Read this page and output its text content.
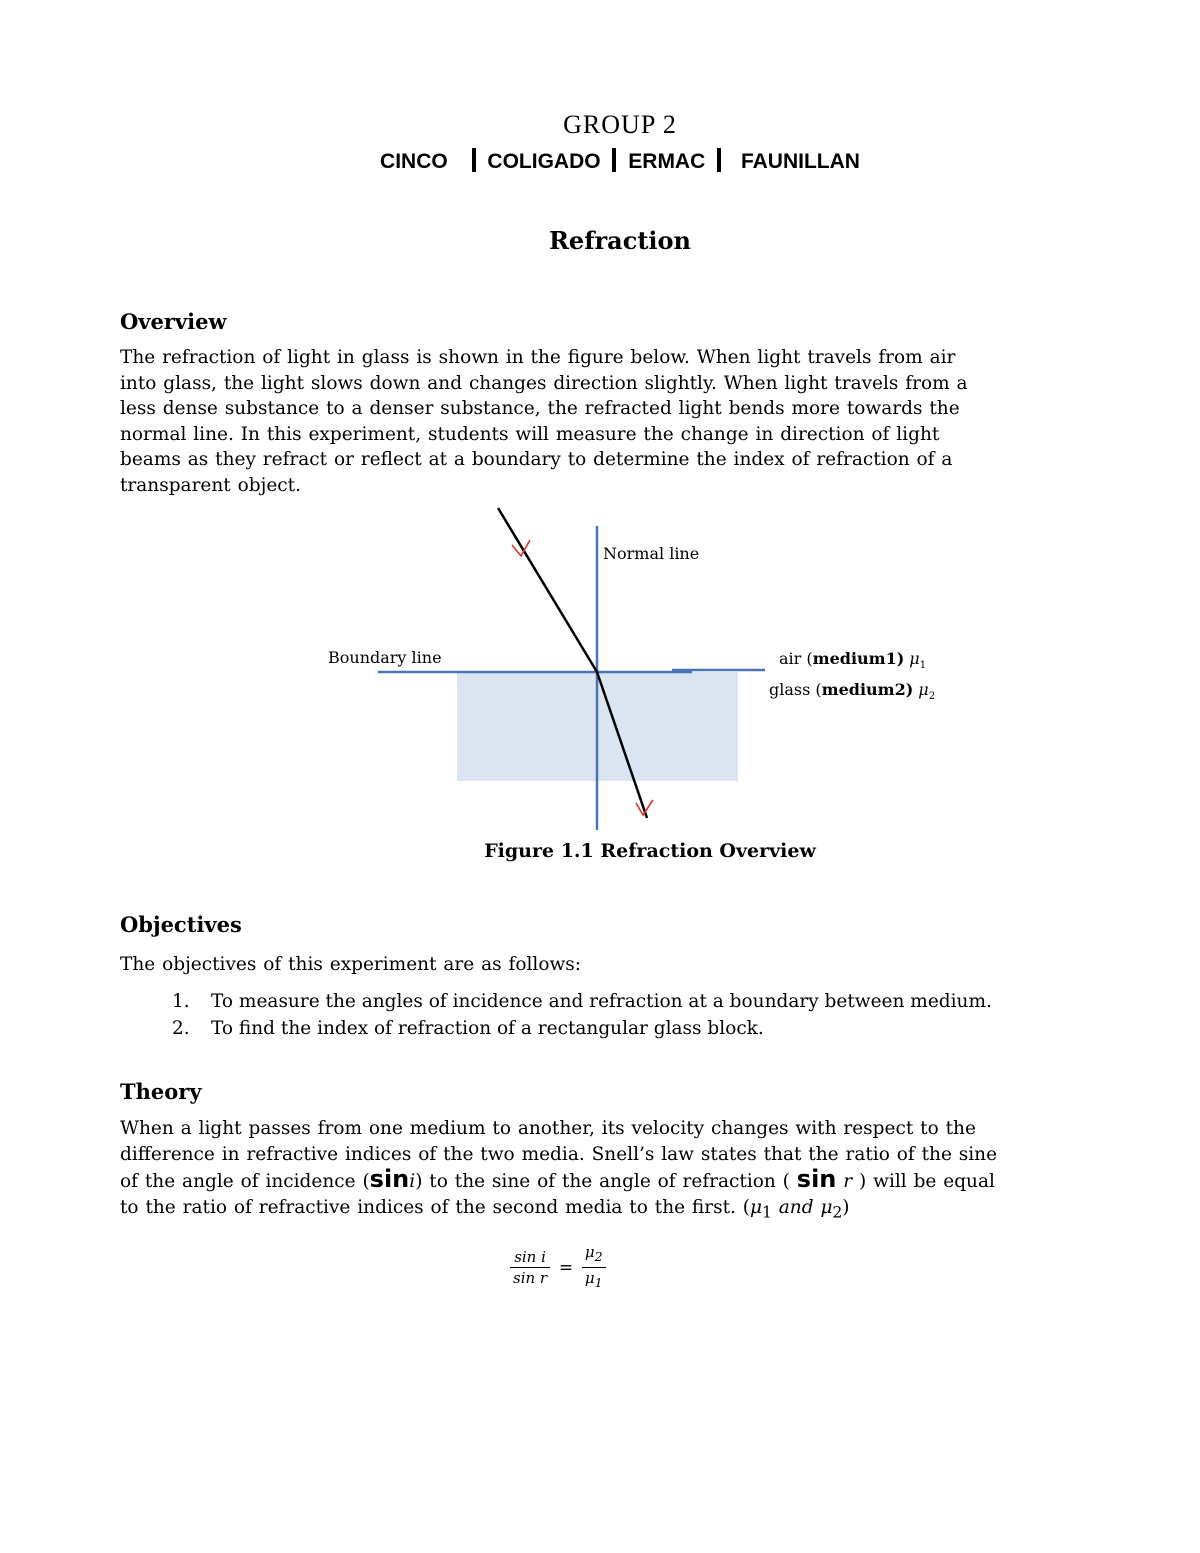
GROUP 2
CINCO COLIGADO ERMAC FAUNILLAN
Refraction
Overview
The refraction of light in glass is shown in the figure below. When light travels from air
into glass, the light slows down and changes direction slightly. When light travels from a
less dense substance to a denser substance, the refracted light bends more towards the
normal line. In this experiment, students will measure the change in direction of light
beams as they refract or reflect at a boundary to determine the index of refraction of a
transparent object.
Normal line
Boundary line	air (medium1) $\mu_1$
glass (medium2) $\mu_2$
Figure 1.1 Refraction Overview
Objectives
The objectives of this experiment are as follows:
1.	To measure the angles of incidence and refraction at a boundary between medium.
2.	To find the index of refraction of a rectangular glass block.
Theory
When a light passes from one medium to another, its velocity changes with respect to the
difference in refractive indices of the two media. Snell’s law states that the ratio of the sine
of the angle of incidence (sini) to the sine of the angle of refraction ( sin r ) will be equal
to the ratio of refractive indices of the second media to the first. ($\mu_1$ and $\mu_2$)
$\frac{\text{sin i}}{\text{sin r}} = \frac{\mu_2}{\mu_1}$
